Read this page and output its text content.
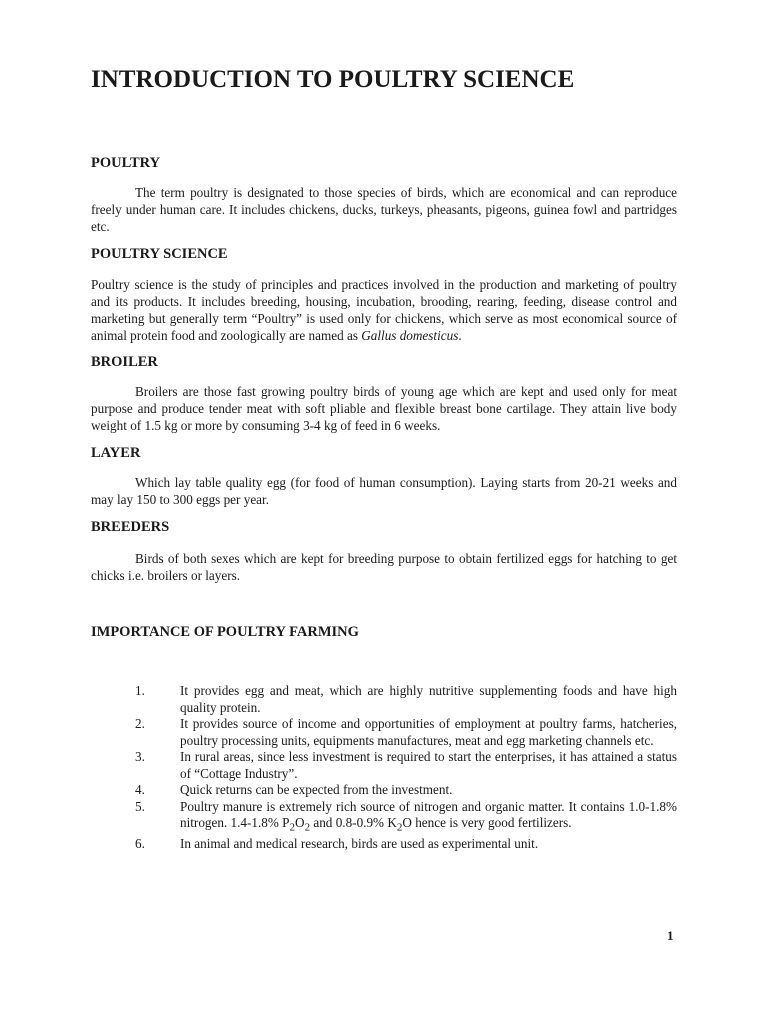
INTRODUCTION TO POULTRY SCIENCE
POULTRY

The term poultry is designated to those species of birds, which are economical and can reproduce freely under human care. It includes chickens, ducks, turkeys, pheasants, pigeons, guinea fowl and partridges etc.

POULTRY SCIENCE

Poultry science is the study of principles and practices involved in the production and marketing of poultry and its products. It includes breeding, housing, incubation, brooding, rearing, feeding, disease control and marketing but generally term “Poultry” is used only for chickens, which serve as most economical source of animal protein food and zoologically are named as Gallus domesticus.

BROILER

Broilers are those fast growing poultry birds of young age which are kept and used only for meat purpose and produce tender meat with soft pliable and flexible breast bone cartilage. They attain live body weight of 1.5 kg or more by consuming 3-4 kg of feed in 6 weeks.

LAYER

Which lay table quality egg (for food of human consumption). Laying starts from 20-21 weeks and may lay 150 to 300 eggs per year.

BREEDERS

Birds of both sexes which are kept for breeding purpose to obtain fertilized eggs for hatching to get chicks i.e. broilers or layers.

IMPORTANCE OF POULTRY FARMING
1.	It provides egg and meat, which are highly nutritive supplementing foods and have high quality protein.
2.	It provides source of income and opportunities of employment at poultry farms, hatcheries, poultry processing units, equipments manufactures, meat and egg marketing channels etc.
3.	In rural areas, since less investment is required to start the enterprises, it has attained a status of “Cottage Industry”.
4.	Quick returns can be expected from the investment.
5.	Poultry manure is extremely rich source of nitrogen and organic matter. It contains 1.0-1.8% nitrogen. 1.4-1.8% $P_2O_2$ and 0.8-0.9% $K_2O$ hence is very good fertilizers.
6.	In animal and medical research, birds are used as experimental unit.
1
